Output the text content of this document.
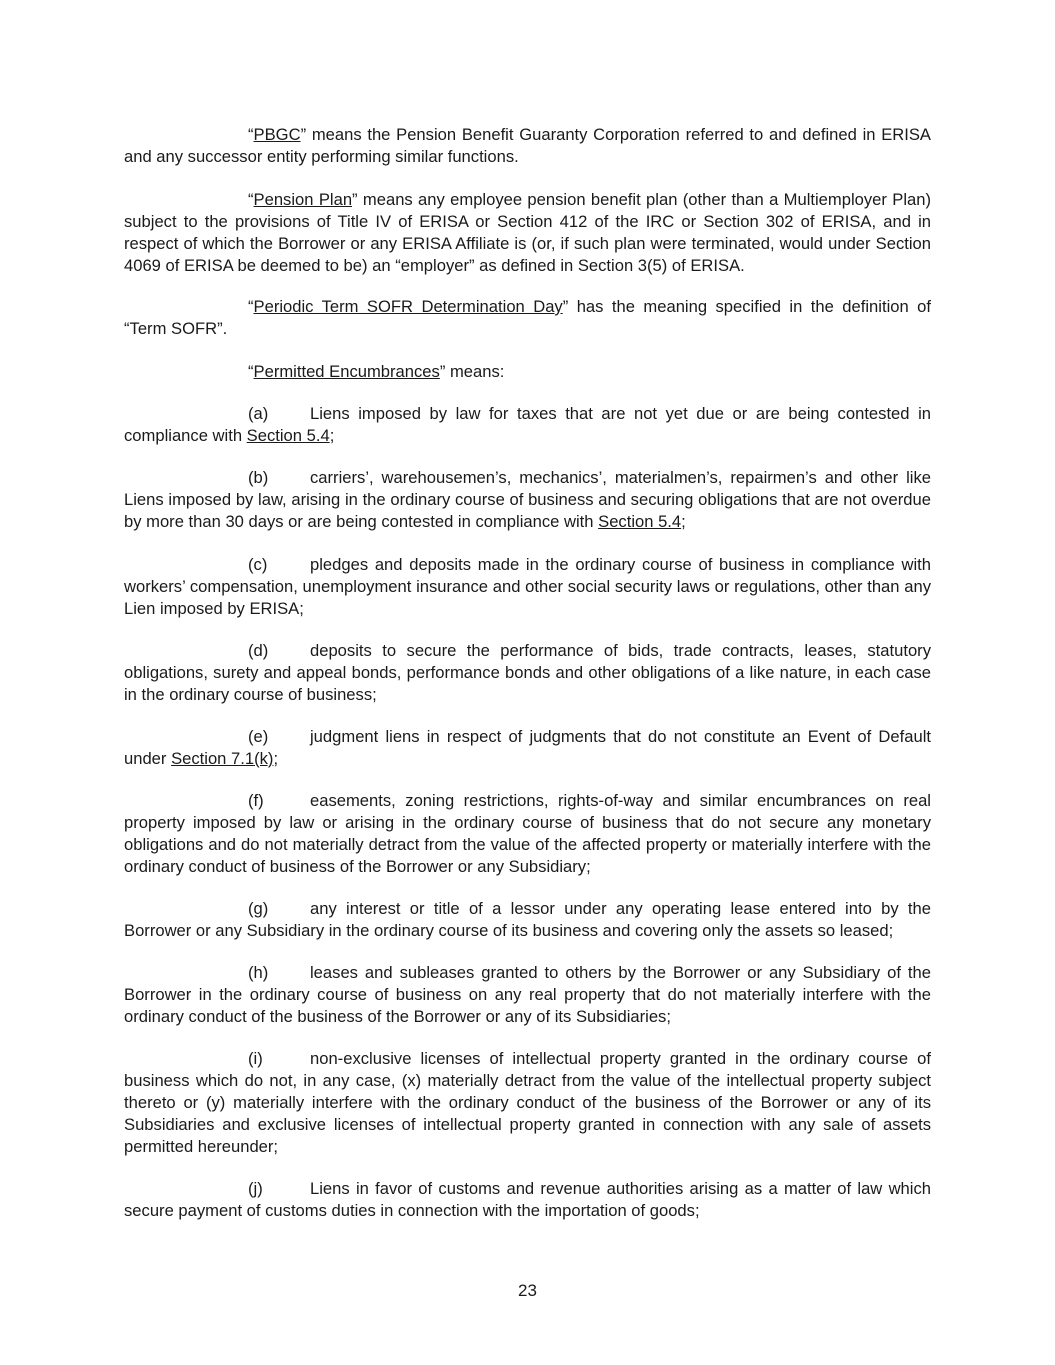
“PBGC” means the Pension Benefit Guaranty Corporation referred to and defined in ERISA and any successor entity performing similar functions.

“Pension Plan” means any employee pension benefit plan (other than a Multiemployer Plan) subject to the provisions of Title IV of ERISA or Section 412 of the IRC or Section 302 of ERISA, and in respect of which the Borrower or any ERISA Affiliate is (or, if such plan were terminated, would under Section 4069 of ERISA be deemed to be) an “employer” as defined in Section 3(5) of ERISA.

“Periodic Term SOFR Determination Day” has the meaning specified in the definition of “Term SOFR”.

“Permitted Encumbrances” means:

(a)	Liens imposed by law for taxes that are not yet due or are being contested in compliance with Section 5.4;

(b)	carriers’, warehousemen’s, mechanics’, materialmen’s, repairmen’s and other like Liens imposed by law, arising in the ordinary course of business and securing obligations that are not overdue by more than 30 days or are being contested in compliance with Section 5.4;

(c)	pledges and deposits made in the ordinary course of business in compliance with workers’ compensation, unemployment insurance and other social security laws or regulations, other than any Lien imposed by ERISA;

(d)	deposits to secure the performance of bids, trade contracts, leases, statutory obligations, surety and appeal bonds, performance bonds and other obligations of a like nature, in each case in the ordinary course of business;

(e)	judgment liens in respect of judgments that do not constitute an Event of Default under Section 7.1(k);

(f)	easements, zoning restrictions, rights-of-way and similar encumbrances on real property imposed by law or arising in the ordinary course of business that do not secure any monetary obligations and do not materially detract from the value of the affected property or materially interfere with the ordinary conduct of business of the Borrower or any Subsidiary;

(g)	any interest or title of a lessor under any operating lease entered into by the Borrower or any Subsidiary in the ordinary course of its business and covering only the assets so leased;

(h)	leases and subleases granted to others by the Borrower or any Subsidiary of the Borrower in the ordinary course of business on any real property that do not materially interfere with the ordinary conduct of the business of the Borrower or any of its Subsidiaries;

(i)	non-exclusive licenses of intellectual property granted in the ordinary course of business which do not, in any case, (x) materially detract from the value of the intellectual property subject thereto or (y) materially interfere with the ordinary conduct of the business of the Borrower or any of its Subsidiaries and exclusive licenses of intellectual property granted in connection with any sale of assets permitted hereunder;

(j)	Liens in favor of customs and revenue authorities arising as a matter of law which secure payment of customs duties in connection with the importation of goods;

23
